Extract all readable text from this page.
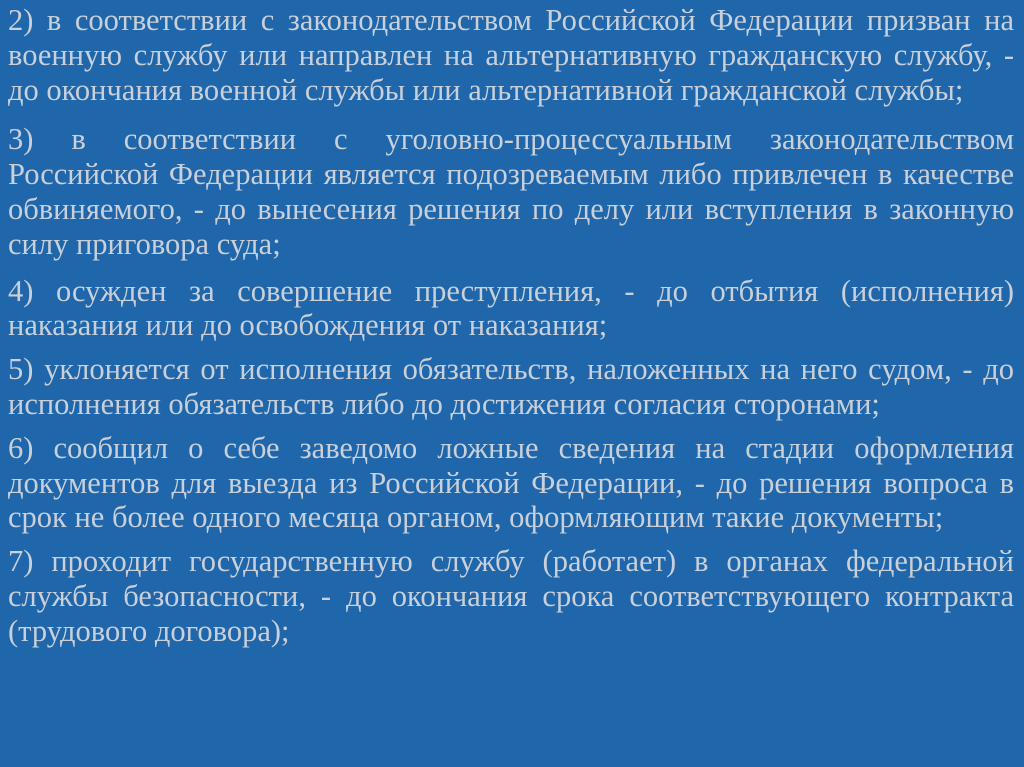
2) в соответствии с законодательством Российской Федерации призван на военную службу или направлен на альтернативную гражданскую службу, - до окончания военной службы или альтернативной гражданской службы;

3) в соответствии с уголовно-процессуальным законодательством Российской Федерации является подозреваемым либо привлечен в качестве обвиняемого, - до вынесения решения по делу или вступления в законную силу приговора суда;

4) осужден за совершение преступления, - до отбытия (исполнения) наказания или до освобождения от наказания;

5) уклоняется от исполнения обязательств, наложенных на него судом, - до исполнения обязательств либо до достижения согласия сторонами;

6) сообщил о себе заведомо ложные сведения на стадии оформления документов для выезда из Российской Федерации, - до решения вопроса в срок не более одного месяца органом, оформляющим такие документы;

7) проходит государственную службу (работает) в органах федеральной службы безопасности, - до окончания срока соответствующего контракта (трудового договора);
